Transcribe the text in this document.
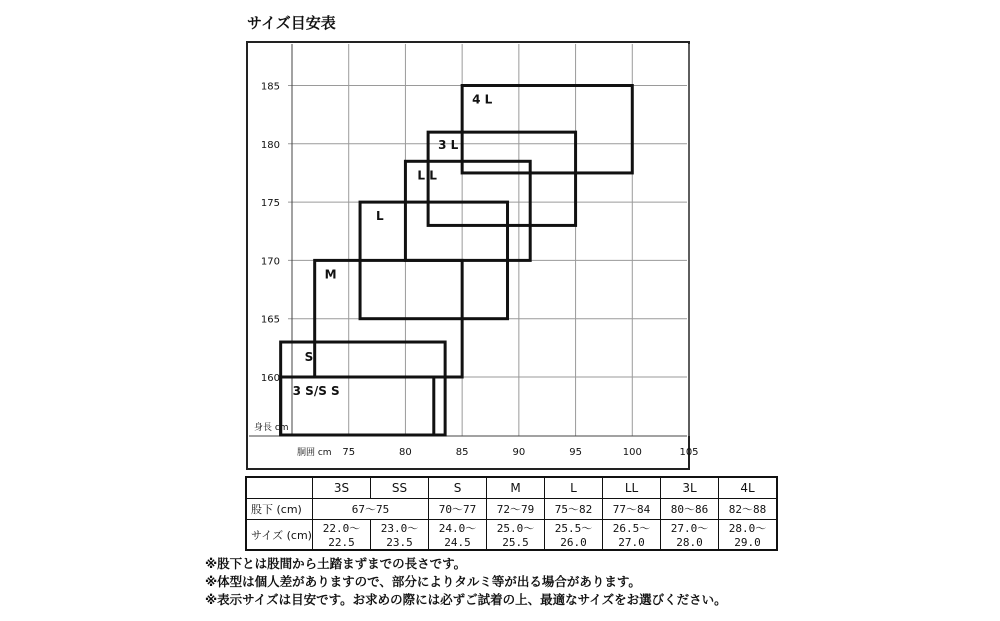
サイズ目安表
160
165
170
175
180
185
75	80	85	90	95	100	105
身長 cm
胴囲 cm
3 S/S S
S
M
L
L L
3 L
4 L
	3S	SS	S	M	L	LL	3L	4L
股下 (cm)	67〜75		70〜77	72〜79	75〜82	77〜84	80〜86	82〜88
サイズ (cm)	22.0〜22.5	23.0〜23.5	24.0〜24.5	25.0〜25.5	25.5〜26.0	26.5〜27.0	27.0〜28.0	28.0〜29.0
※股下とは股間から土踏まずまでの長さです。
※体型は個人差がありますので、部分によりタルミ等が出る場合があります。
※表示サイズは目安です。お求めの際には必ずご試着の上、最適なサイズをお選びください。
